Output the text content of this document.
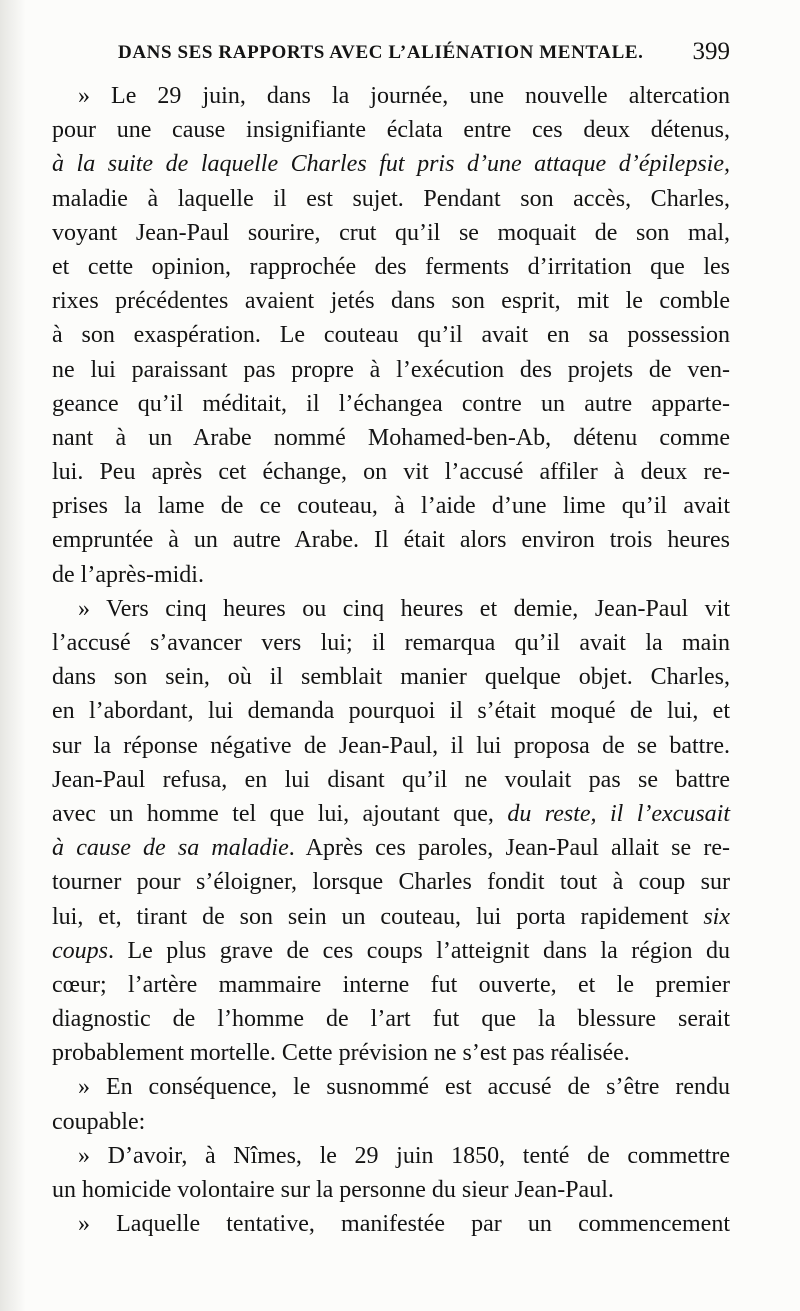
DANS SES RAPPORTS AVEC L’ALIÉNATION MENTALE. 399
» Le 29 juin, dans la journée, une nouvelle altercation
pour une cause insignifiante éclata entre ces deux détenus,
à la suite de laquelle Charles fut pris d’une attaque d’épilepsie,
maladie à laquelle il est sujet. Pendant son accès, Charles,
voyant Jean-Paul sourire, crut qu’il se moquait de son mal,
et cette opinion, rapprochée des ferments d’irritation que les
rixes précédentes avaient jetés dans son esprit, mit le comble
à son exaspération. Le couteau qu’il avait en sa possession
ne lui paraissant pas propre à l’exécution des projets de ven-
geance qu’il méditait, il l’échangea contre un autre apparte-
nant à un Arabe nommé Mohamed-ben-Ab, détenu comme
lui. Peu après cet échange, on vit l’accusé affiler à deux re-
prises la lame de ce couteau, à l’aide d’une lime qu’il avait
empruntée à un autre Arabe. Il était alors environ trois heures
de l’après-midi.
» Vers cinq heures ou cinq heures et demie, Jean-Paul vit
l’accusé s’avancer vers lui; il remarqua qu’il avait la main
dans son sein, où il semblait manier quelque objet. Charles,
en l’abordant, lui demanda pourquoi il s’était moqué de lui, et
sur la réponse négative de Jean-Paul, il lui proposa de se battre.
Jean-Paul refusa, en lui disant qu’il ne voulait pas se battre
avec un homme tel que lui, ajoutant que, du reste, il l’excusait
à cause de sa maladie. Après ces paroles, Jean-Paul allait se re-
tourner pour s’éloigner, lorsque Charles fondit tout à coup sur
lui, et, tirant de son sein un couteau, lui porta rapidement six
coups. Le plus grave de ces coups l’atteignit dans la région du
cœur; l’artère mammaire interne fut ouverte, et le premier
diagnostic de l’homme de l’art fut que la blessure serait
probablement mortelle. Cette prévision ne s’est pas réalisée.
» En conséquence, le susnommé est accusé de s’être rendu
coupable:
» D’avoir, à Nîmes, le 29 juin 1850, tenté de commettre
un homicide volontaire sur la personne du sieur Jean-Paul.
» Laquelle tentative, manifestée par un commencement
